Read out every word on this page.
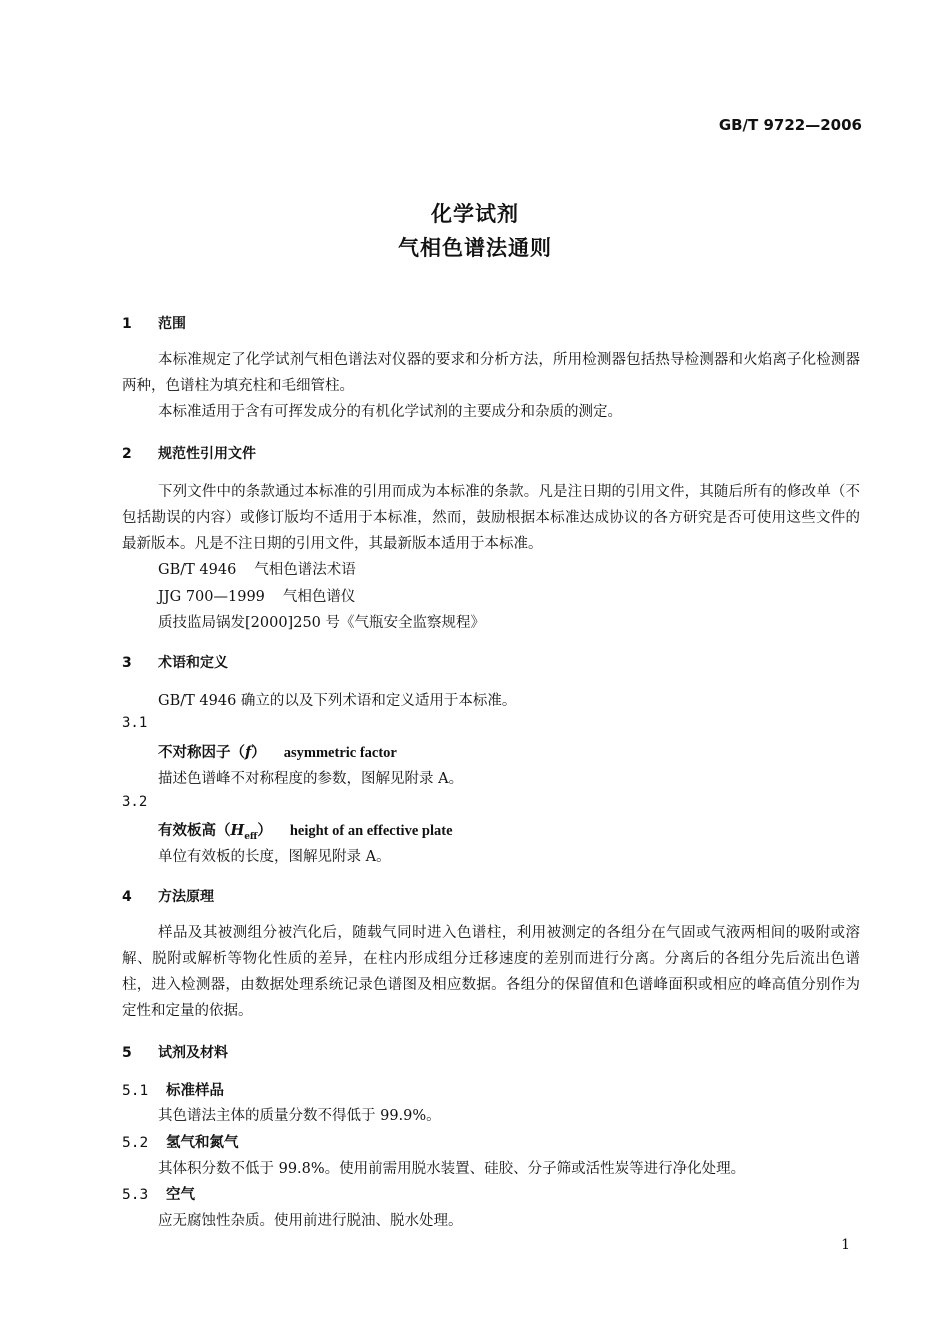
GB/T 9722—2006
化学试剂
气相色谱法通则
1 范围
本标准规定了化学试剂气相色谱法对仪器的要求和分析方法，所用检测器包括热导检测器和火焰离子化检测器两种，色谱柱为填充柱和毛细管柱。
本标准适用于含有可挥发成分的有机化学试剂的主要成分和杂质的测定。
2 规范性引用文件
下列文件中的条款通过本标准的引用而成为本标准的条款。凡是注日期的引用文件，其随后所有的修改单（不包括勘误的内容）或修订版均不适用于本标准，然而，鼓励根据本标准达成协议的各方研究是否可使用这些文件的最新版本。凡是不注日期的引用文件，其最新版本适用于本标准。
GB/T 4946 气相色谱法术语
JJG 700—1999 气相色谱仪
质技监局锅发[2000]250 号《气瓶安全监察规程》
3 术语和定义
GB/T 4946 确立的以及下列术语和定义适用于本标准。
3.1
不对称因子（f） asymmetric factor
描述色谱峰不对称程度的参数，图解见附录 A。
3.2
有效板高$(H_{eff})$ height of an effective plate
单位有效板的长度，图解见附录 A。
4 方法原理
样品及其被测组分被汽化后，随载气同时进入色谱柱，利用被测定的各组分在气固或气液两相间的吸附或溶解、脱附或解析等物化性质的差异，在柱内形成组分迁移速度的差别而进行分离。分离后的各组分先后流出色谱柱，进入检测器，由数据处理系统记录色谱图及相应数据。各组分的保留值和色谱峰面积或相应的峰高值分别作为定性和定量的依据。
5 试剂及材料
5.1 标准样品
其色谱法主体的质量分数不得低于 99.9%。
5.2 氢气和氮气
其体积分数不低于 99.8%。使用前需用脱水装置、硅胶、分子筛或活性炭等进行净化处理。
5.3 空气
应无腐蚀性杂质。使用前进行脱油、脱水处理。
1
